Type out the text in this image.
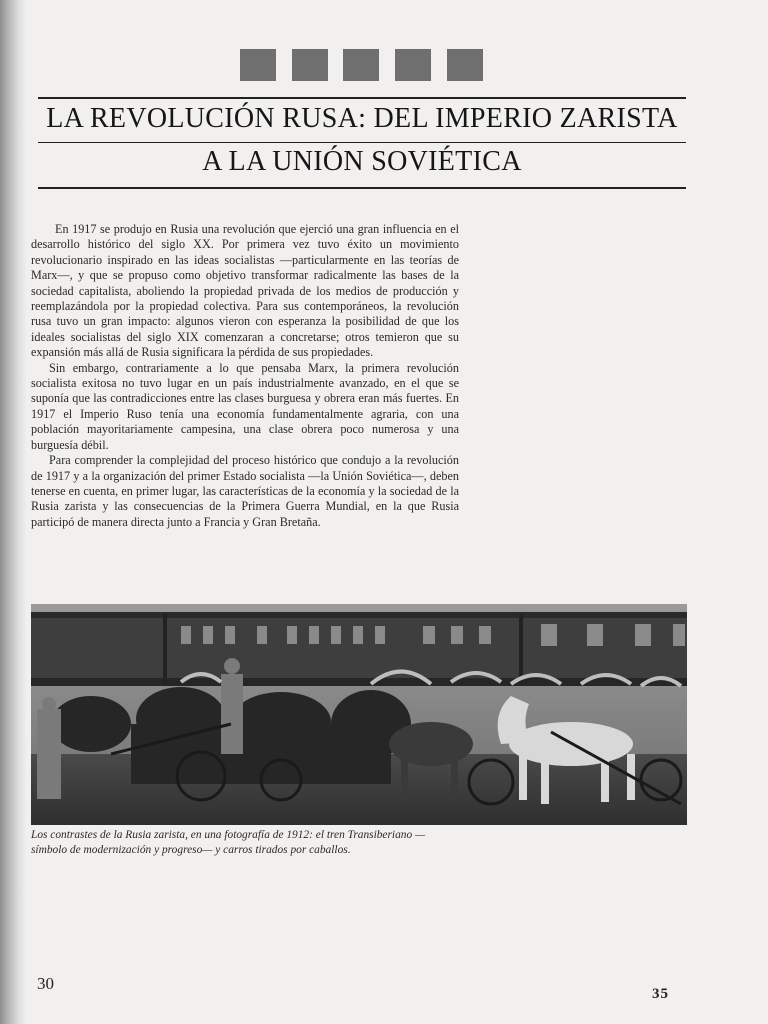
LA REVOLUCIÓN RUSA: DEL IMPERIO ZARISTA
A LA UNIÓN SOVIÉTICA

En 1917 se produjo en Rusia una revolución que ejerció una gran influencia en el desarrollo histórico del siglo XX. Por primera vez tuvo éxito un movimiento revolucionario inspirado en las ideas socialistas —particularmente en las teorías de Marx—, y que se propuso como objetivo transformar radicalmente las bases de la sociedad capitalista, aboliendo la propiedad privada de los medios de producción y reemplazándola por la propiedad colectiva. Para sus contemporáneos, la revolución rusa tuvo un gran impacto: algunos vieron con esperanza la posibilidad de que los ideales socialistas del siglo XIX comenzaran a concretarse; otros temieron que su expansión más allá de Rusia significara la pérdida de sus propiedades.

Sin embargo, contrariamente a lo que pensaba Marx, la primera revolución socialista exitosa no tuvo lugar en un país industrialmente avanzado, en el que se suponía que las contradicciones entre las clases burguesa y obrera eran más fuertes. En 1917 el Imperio Ruso tenía una economía fundamentalmente agraria, con una población mayoritariamente campesina, una clase obrera poco numerosa y una burguesía débil.

Para comprender la complejidad del proceso histórico que condujo a la revolución de 1917 y a la organización del primer Estado socialista —la Unión Soviética—, deben tenerse en cuenta, en primer lugar, las características de la economía y la sociedad de la Rusia zarista y las consecuencias de la Primera Guerra Mundial, en la que Rusia participó de manera directa junto a Francia y Gran Bretaña.

Los contrastes de la Rusia zarista, en una fotografía de 1912: el tren Transiberiano —símbolo de modernización y progreso— y carros tirados por caballos.
30
35
